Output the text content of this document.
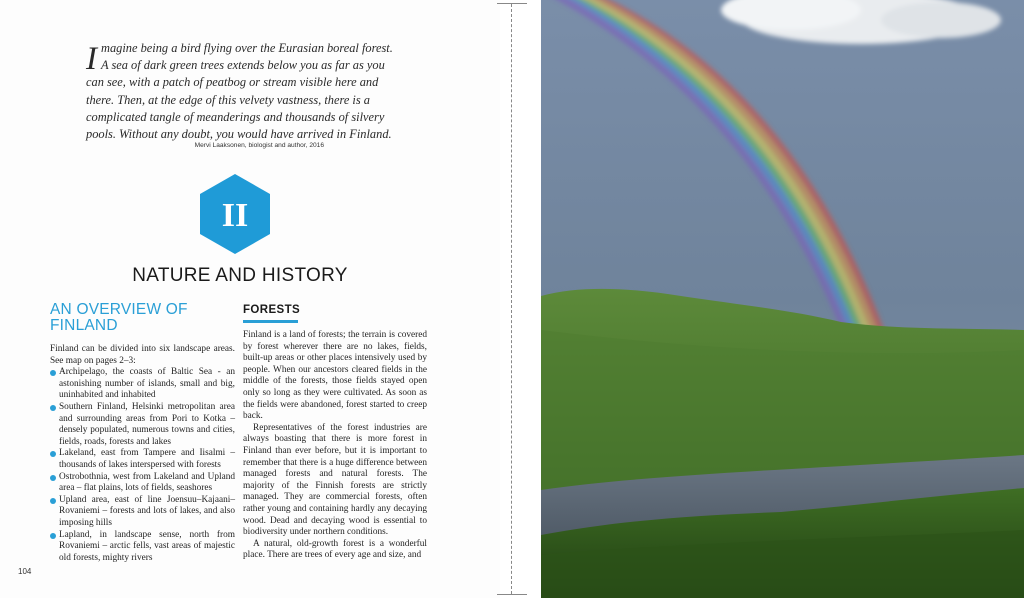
Imagine being a bird flying over the Eurasian boreal forest. A sea of dark green trees extends below you as far as you can see, with a patch of peatbog or stream visible here and there. Then, at the edge of this velvety vastness, there is a complicated tangle of meanderings and thousands of silvery pools. Without any doubt, you would have arrived in Finland.
Mervi Laaksonen, biologist and author, 2016
II
NATURE AND HISTORY
AN OVERVIEW OF FINLAND

Finland can be divided into six landscape areas. See map on pages 2–3:

Archipelago, the coasts of Baltic Sea - an astonishing number of islands, small and big, uninhabited and inhabited
Southern Finland, Helsinki metropolitan area and surrounding areas from Pori to Kotka – densely populated, numerous towns and cities, fields, roads, forests and lakes
Lakeland, east from Tampere and Iisalmi – thousands of lakes interspersed with forests
Ostrobothnia, west from Lakeland and Upland area – flat plains, lots of fields, seashores
Upland area, east of line Joensuu–Kajaani–Rovaniemi – forests and lots of lakes, and also imposing hills
Lapland, in landscape sense, north from Rovaniemi – arctic fells, vast areas of majestic old forests, mighty rivers
FORESTS

Finland is a land of forests; the terrain is covered by forest wherever there are no lakes, fields, built-up areas or other places intensively used by people. When our ancestors cleared fields in the middle of the forests, those fields stayed open only so long as they were cultivated. As soon as the fields were abandoned, forest started to creep back.

Representatives of the forest industries are always boasting that there is more forest in Finland than ever before, but it is important to remember that there is a huge difference between managed forests and natural forests. The majority of the Finnish forests are strictly managed. They are commercial forests, often rather young and containing hardly any decaying wood. Dead and decaying wood is essential to biodiversity under northern conditions.

A natural, old-growth forest is a wonderful place. There are trees of every age and size, and

104
